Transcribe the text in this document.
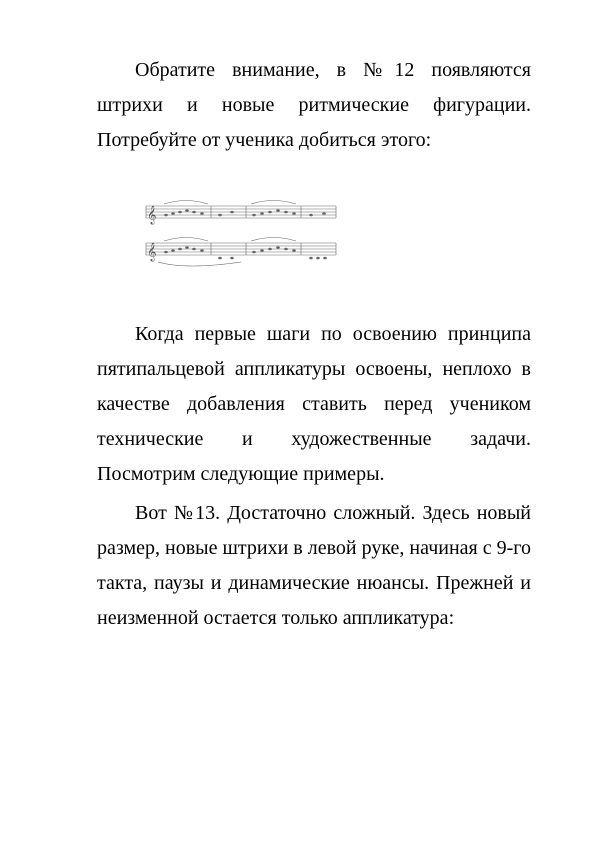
Обратите внимание, в №12 появляются
штрихи и новые ритмические фигурации.
Потребуйте от ученика добиться этого:
𝄞
𝄞
Когда первые шаги по освоению принципа
пятипальцевой аппликатуры освоены, неплохо в
качестве добавления ставить перед учеником
технические и художественные задачи.
Посмотрим следующие примеры.
Вот №13. Достаточно сложный. Здесь новый
размер, новые штрихи в левой руке, начиная с 9-го
такта, паузы и динамические нюансы. Прежней и
неизменной остается только аппликатура:
